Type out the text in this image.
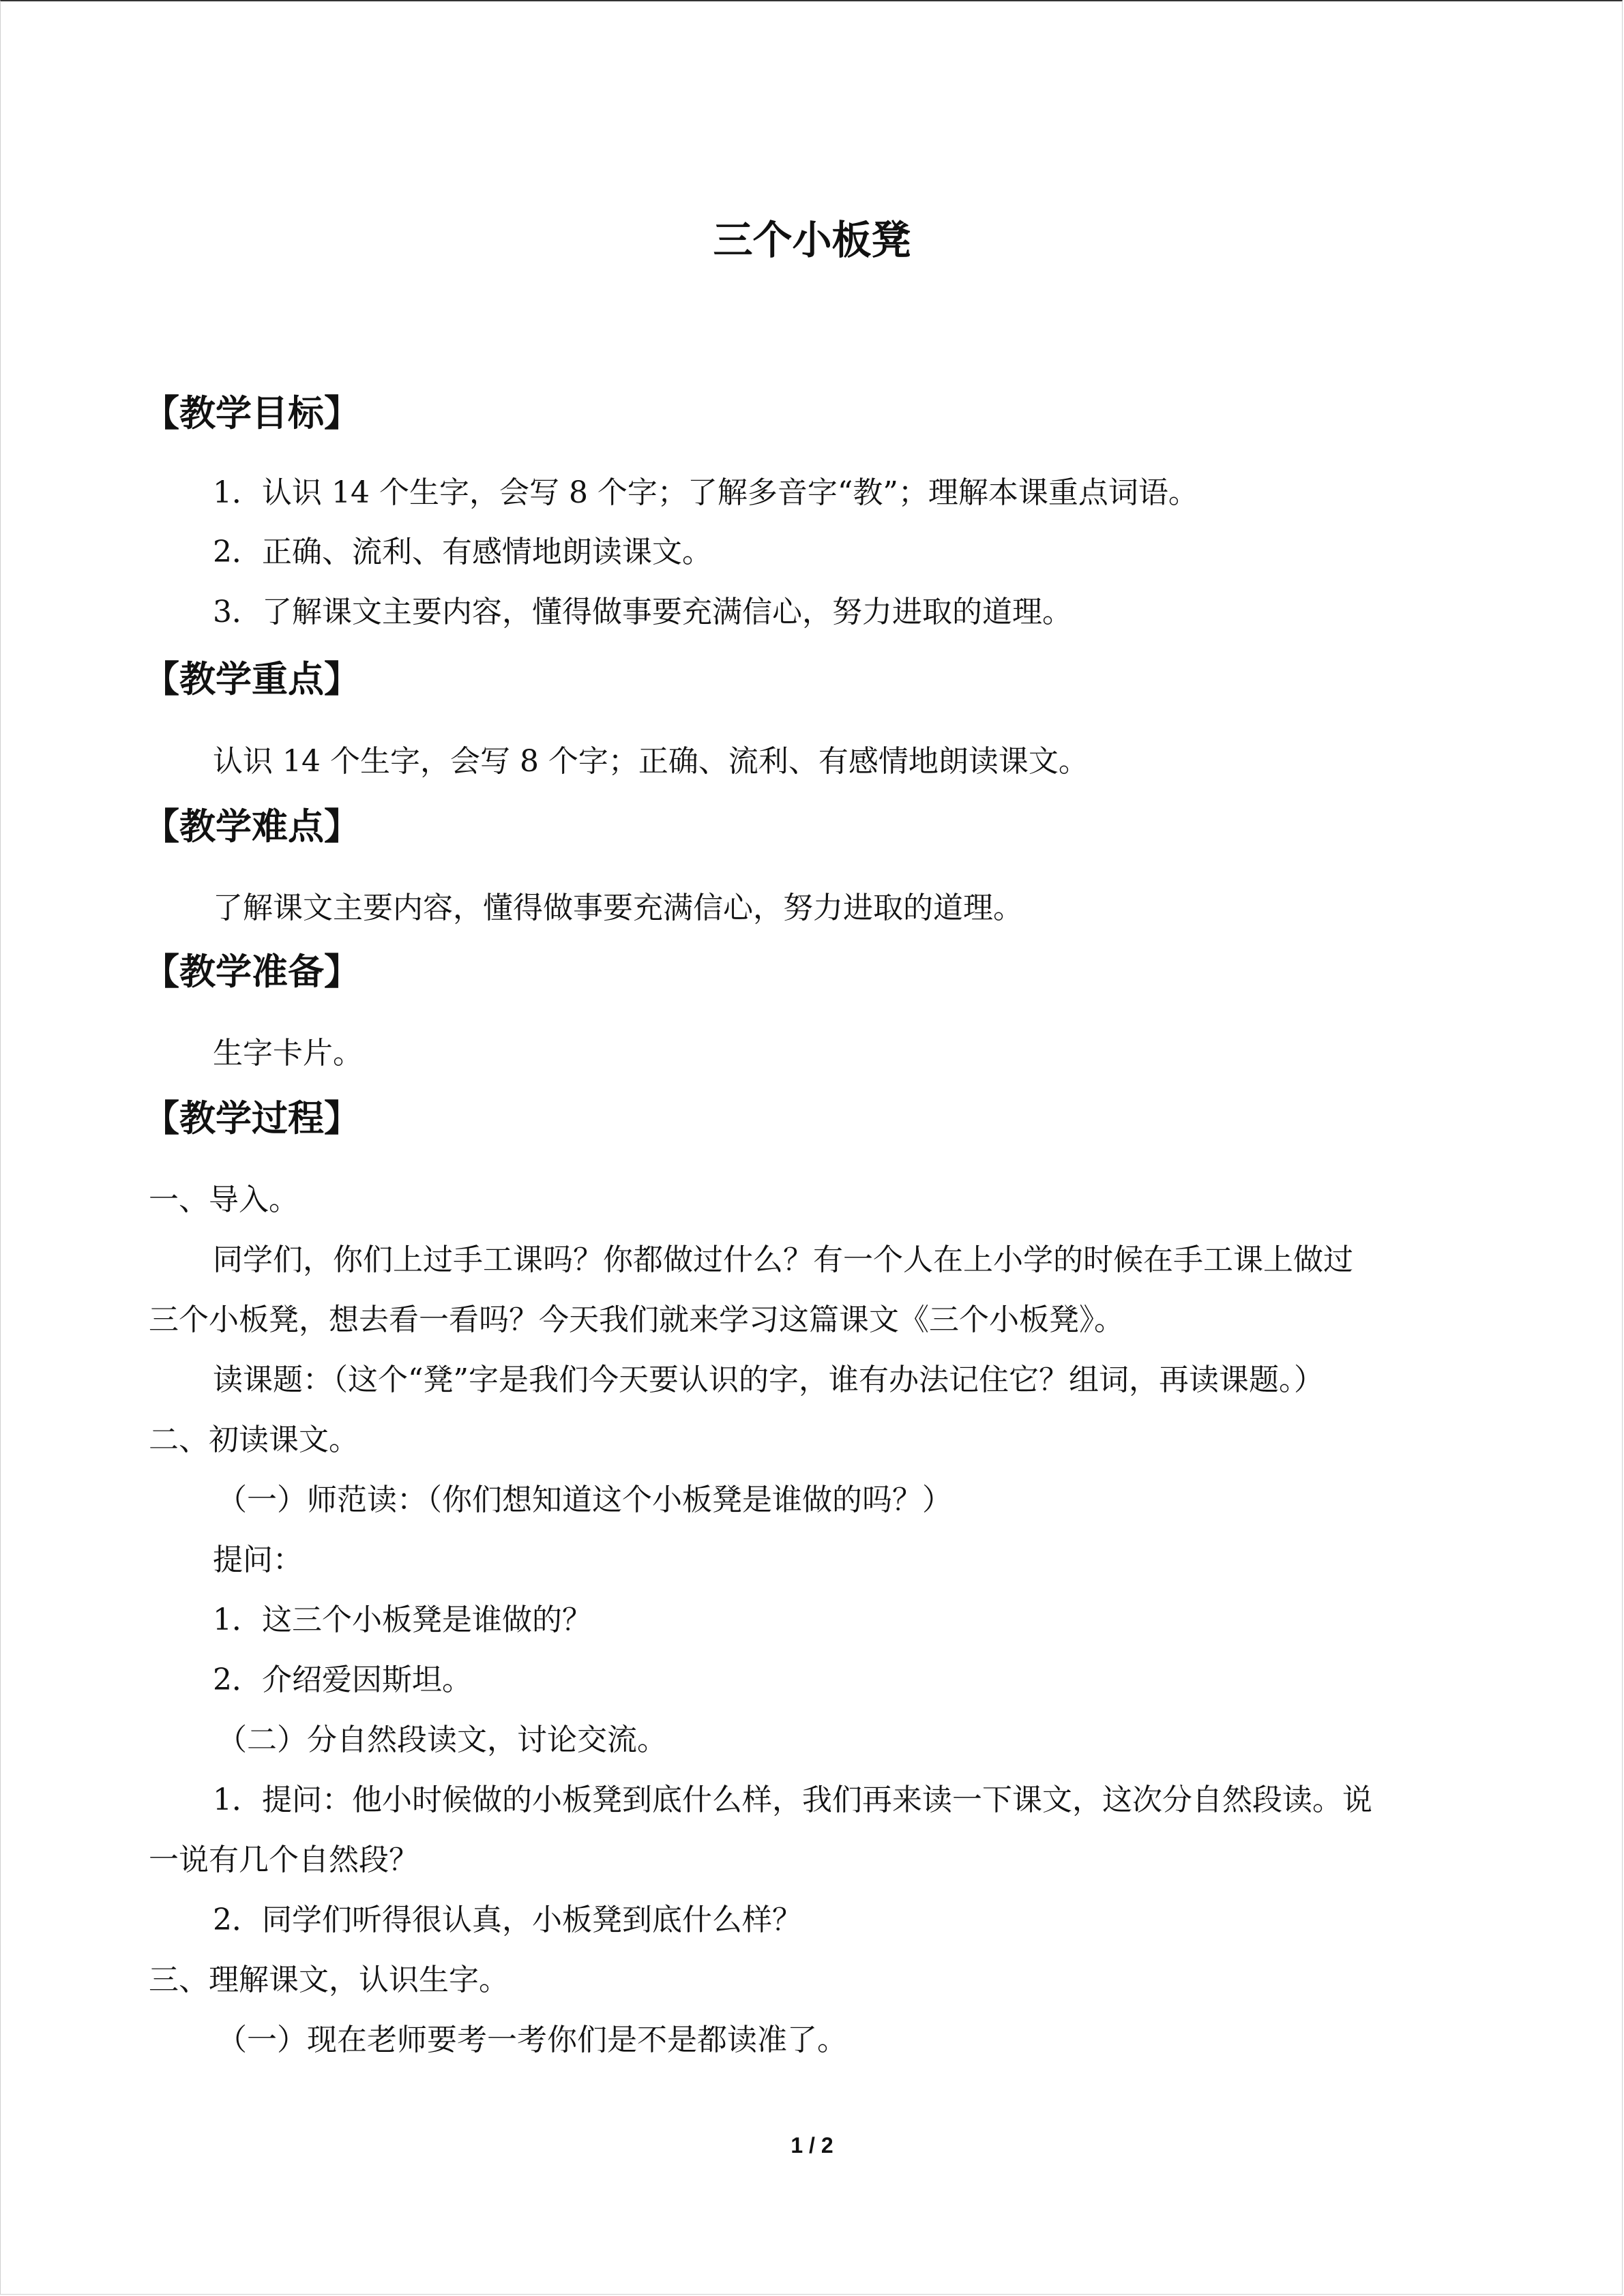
三个小板凳
【教学目标】
1．认识 14 个生字，会写 8 个字；了解多音字“教”；理解本课重点词语。
2．正确、流利、有感情地朗读课文。
3．了解课文主要内容，懂得做事要充满信心，努力进取的道理。
【教学重点】
认识 14 个生字，会写 8 个字；正确、流利、有感情地朗读课文。
【教学难点】
了解课文主要内容，懂得做事要充满信心，努力进取的道理。
【教学准备】
生字卡片。
【教学过程】
一、导入。
同学们，你们上过手工课吗？你都做过什么？有一个人在上小学的时候在手工课上做过
三个小板凳，想去看一看吗？今天我们就来学习这篇课文《三个小板凳》。
读课题：（这个“凳”字是我们今天要认识的字，谁有办法记住它？组词，再读课题。）
二、初读课文。
（一）师范读：（你们想知道这个小板凳是谁做的吗？）
提问：
1．这三个小板凳是谁做的？
2．介绍爱因斯坦。
（二）分自然段读文，讨论交流。
1．提问：他小时候做的小板凳到底什么样，我们再来读一下课文，这次分自然段读。说
一说有几个自然段？
2．同学们听得很认真，小板凳到底什么样？
三、理解课文，认识生字。
（一）现在老师要考一考你们是不是都读准了。
1 / 2
